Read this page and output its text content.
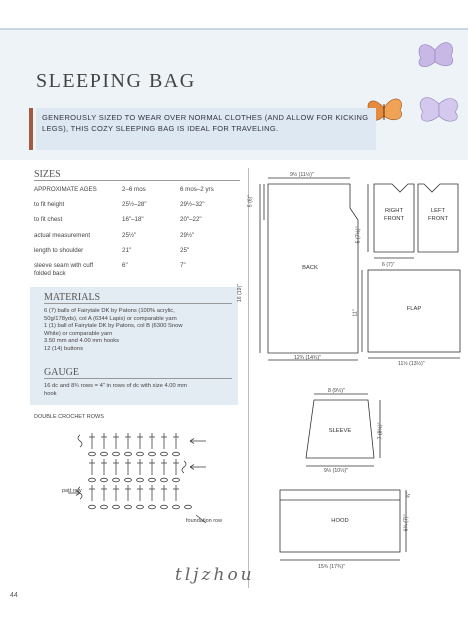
SLEEPING BAG
GENEROUSLY SIZED TO WEAR OVER NORMAL CLOTHES (AND ALLOW FOR KICKING LEGS), THIS COZY SLEEPING BAG IS IDEAL FOR TRAVELING.
SIZES
APPROXIMATE AGES	2–6 mos	6 mos–2 yrs
to fit height	25½–28"	29½–32"
to fit chest	16"–18"	20"–22"
actual measurement	25½"	29½"
length to shoulder	21"	25"
sleeve seam with cuff
folded back
6"	7"
MATERIALS
6 (7) balls of Fairytale DK by Patons (100% acrylic,
50g/178yds), col A (6344 Lapis) or comparable yarn
1 (1) ball of Fairytale DK by Patons, col B (6300 Snow
White) or comparable yarn
3.50 mm and 4.00 mm hooks
12 (14) buttons
GAUGE
16 dc and 8¾ rows = 4" in rows of dc with size 4.00 mm
hook
DOUBLE CROCHET ROWS
patt row
foundation row
BACK
RIGHT
FRONT
LEFT
FRONT
FLAP
SLEEVE
HOOD
9½ (11½)"
12¾ (14¾)"
16 (19)"
5 (6)"
5 (7½)"
6 (7)"
11"
11½ (13½)"
8 (9½)"
9½ (10½)"
7 (8½)"
15¾ (17¾)"
6¾ (7)"
¾"
tljzhou
44
